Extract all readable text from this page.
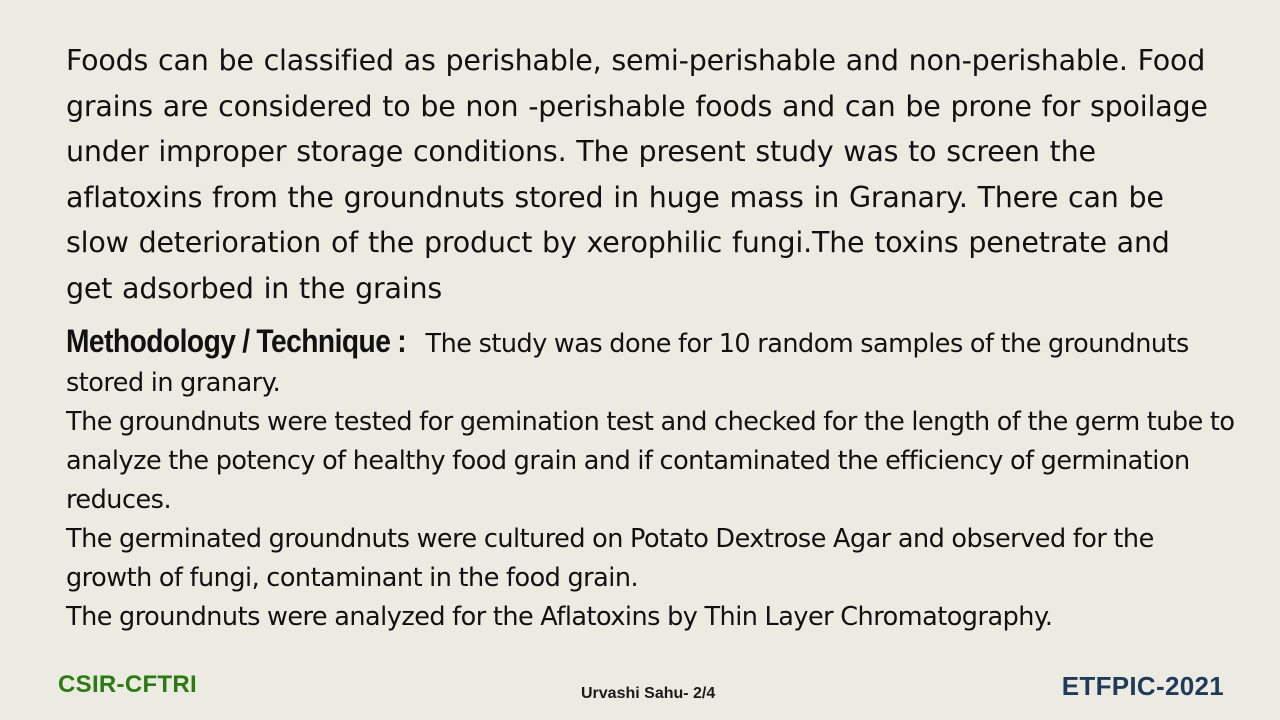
Foods can be classified as perishable, semi-perishable and non-perishable. Food grains are considered to be non -perishable foods and can be prone for spoilage under improper storage conditions. The present study was to screen the aflatoxins from the groundnuts stored in huge mass in Granary. There can be slow deterioration of the product by xerophilic fungi.The toxins penetrate and get adsorbed in the grains

Methodology / Technique : The study was done for 10 random samples of the groundnuts stored in granary.

The groundnuts were tested for gemination test and checked for the length of the germ tube to analyze the potency of healthy food grain and if contaminated the efficiency of germination reduces.

The germinated groundnuts were cultured on Potato Dextrose Agar and observed for the growth of fungi, contaminant in the food grain.

The groundnuts were analyzed for the Aflatoxins by Thin Layer Chromatography.

CSIR-CFTRI	Urvashi Sahu- 2/4	ETFPIC-2021
